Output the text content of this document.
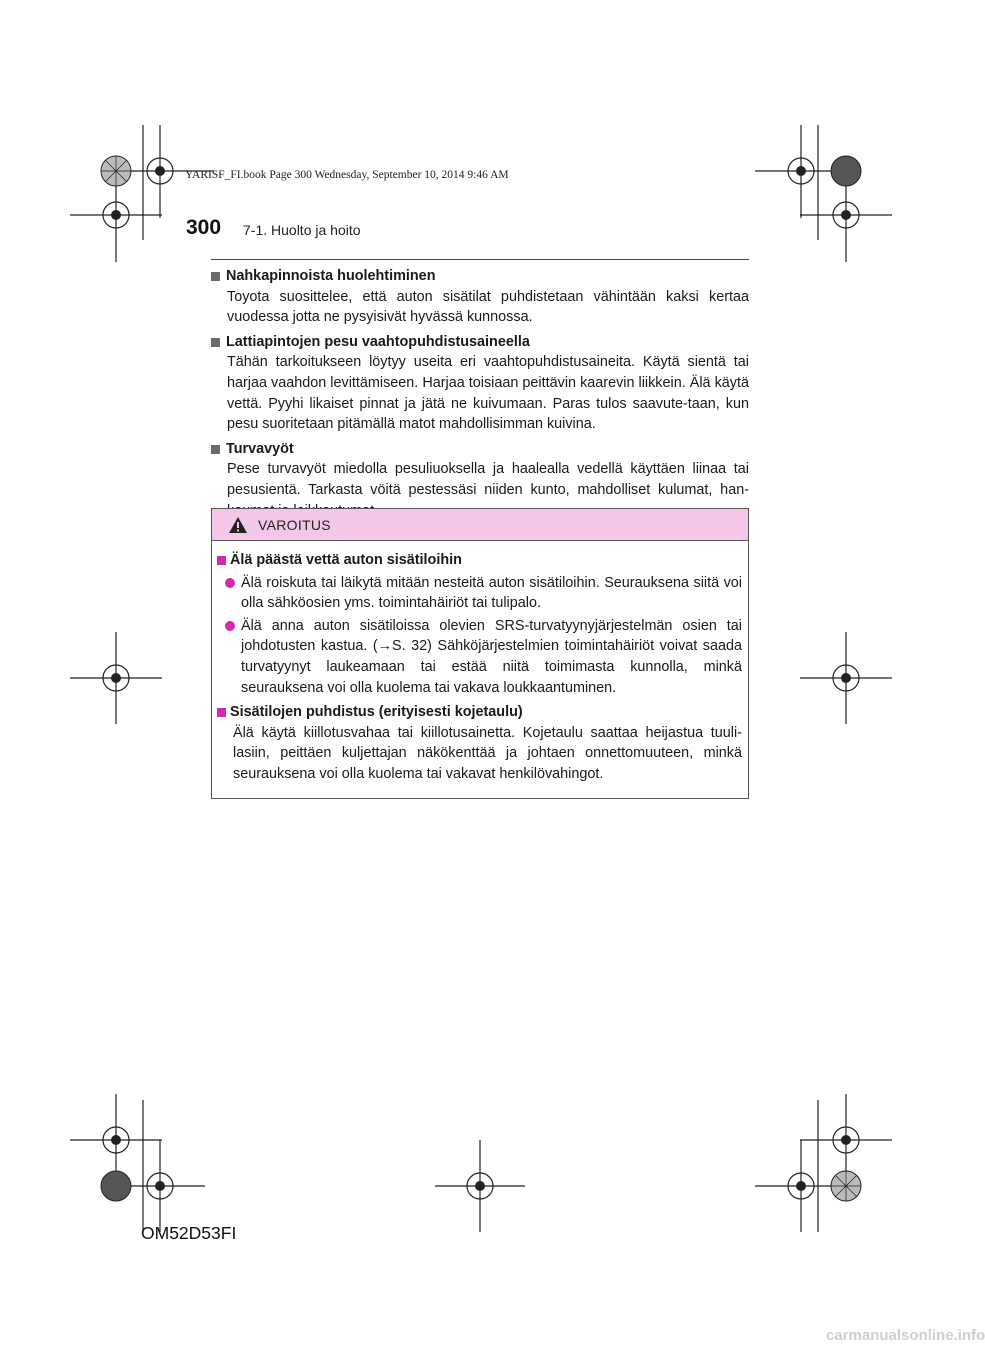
YARISF_FI.book Page 300 Wednesday, September 10, 2014 9:46 AM
300 7-1. Huolto ja hoito
Nahkapinnoista huolehtiminen
Toyota suosittelee, että auton sisätilat puhdistetaan vähintään kaksi kertaa vuodessa jotta ne pysyisivät hyvässä kunnossa.
Lattiapintojen pesu vaahtopuhdistusaineella
Tähän tarkoitukseen löytyy useita eri vaahtopuhdistusaineita. Käytä sientä tai harjaa vaahdon levittämiseen. Harjaa toisiaan peittävin kaarevin liikkein. Älä käytä vettä. Pyyhi likaiset pinnat ja jätä ne kuivumaan. Paras tulos saavute-taan, kun pesu suoritetaan pitämällä matot mahdollisimman kuivina.
Turvavyöt
Pese turvavyöt miedolla pesuliuoksella ja haalealla vedellä käyttäen liinaa tai pesusientä. Tarkasta vöitä pestessäsi niiden kunto, mahdolliset kulumat, han-
VAROITUS
Älä päästä vettä auton sisätiloihin
Älä roiskuta tai läikytä mitään nesteitä auton sisätiloihin. Seurauksena siitä voi olla sähköosien yms. toimintahäiriöt tai tulipalo.
Älä anna auton sisätiloissa olevien SRS-turvatyynyjärjestelmän osien tai johdotusten kastua. (→S. 32) Sähköjärjestelmien toimintahäiriöt voivat saada turvatyynyt laukeamaan tai estää niitä toimimasta kunnolla, minkä seurauksena voi olla kuolema tai vakava loukkaantuminen.
Sisätilojen puhdistus (erityisesti kojetaulu)
Älä käytä kiillotusvahaa tai kiillotusainetta. Kojetaulu saattaa heijastua tuuli-lasiin, peittäen kuljettajan näkökenttää ja johtaen onnettomuuteen, minkä seurauksena voi olla kuolema tai vakavat henkilövahingot.
OM52D53FI
carmanualsonline.info
